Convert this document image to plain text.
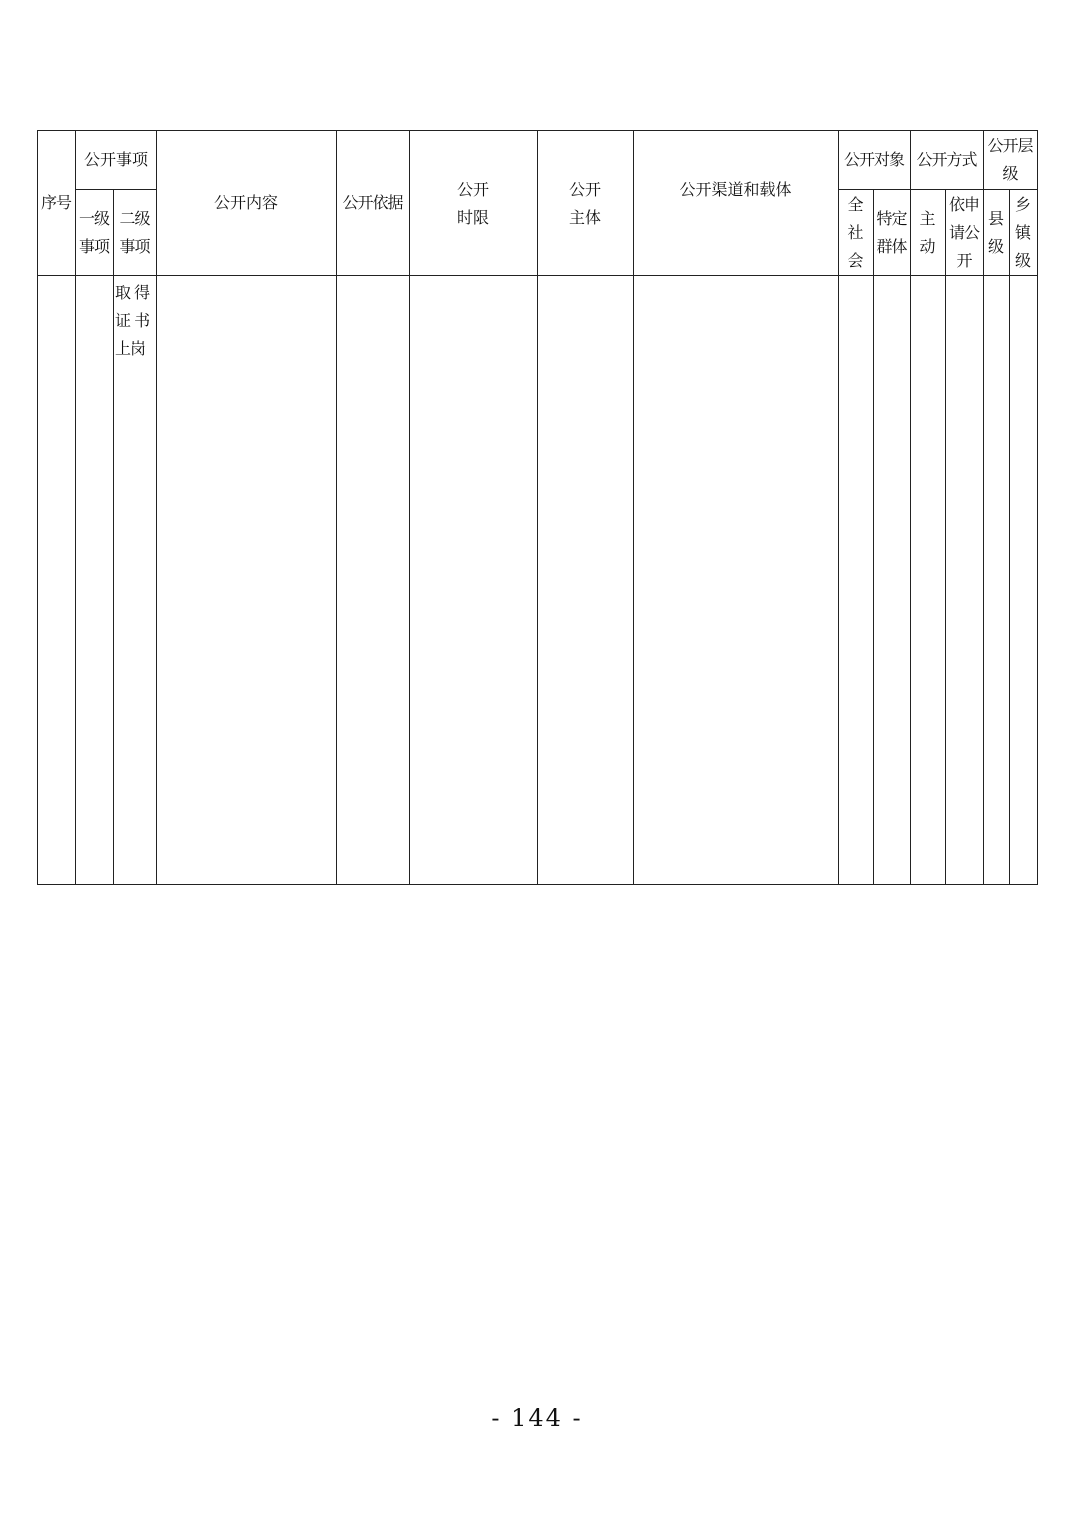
序号
公开事项
一级
事项
二级
事项
公开内容	公开依据
公开
时限
公开
主体
公开渠道和载体
公开对象
全
社
会
特定
群体
公开方式
主
动
依申
请公
开
公开层
级
县
级
乡
镇
级
取 得
证 书
上岗
- 144 -
